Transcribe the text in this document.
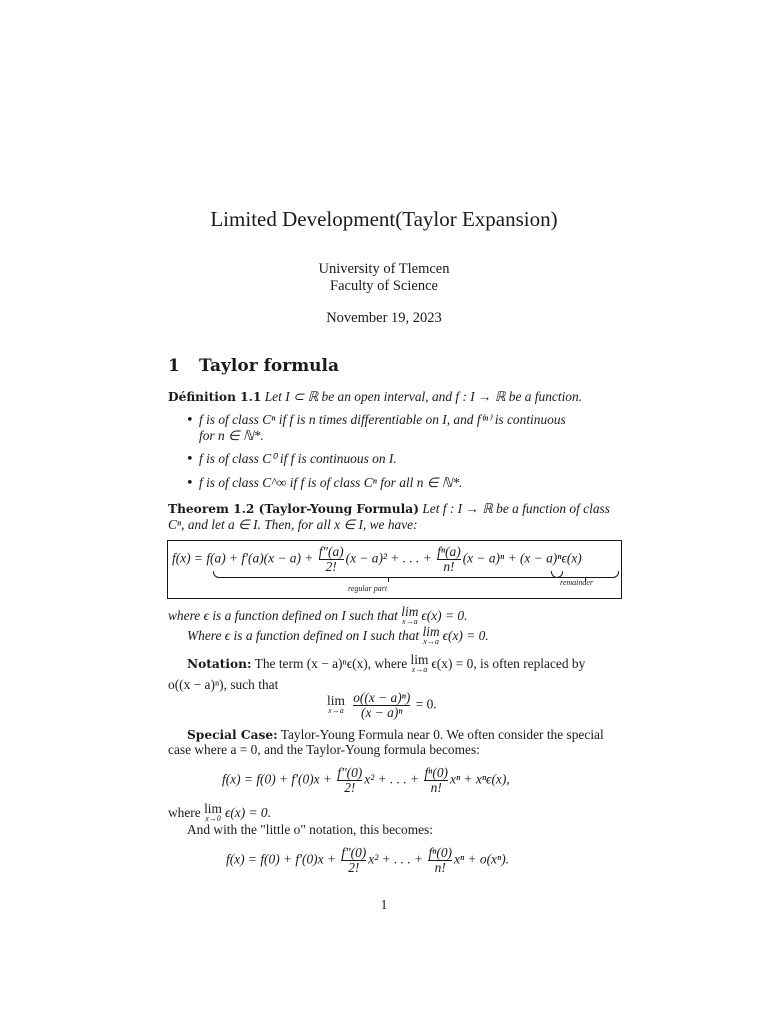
Limited Development(Taylor Expansion)
University of Tlemcen
Faculty of Science
November 19, 2023
1 Taylor formula
Définition 1.1 Let I ⊂ ℝ be an open interval, and f : I → ℝ be a function.
• f is of class Cⁿ if f is n times differentiable on I, and f⁽ⁿ⁾ is continuous
for n ∈ ℕ*.
• f is of class C⁰ if f is continuous on I.
• f is of class C^∞ if f is of class Cⁿ for all n ∈ ℕ*.
Theorem 1.2 (Taylor-Young Formula) Let f : I → ℝ be a function of class
Cⁿ, and let a ∈ I. Then, for all x ∈ I, we have:
$f(x) = f(a) + f'(a)(x - a) + \frac{f''(a)}{2!} (x - a)^2$ + . . . + $\frac{\text{fⁿ(a)}}{n!} (x - a)^n + (x - a)^n\epsilon(x)$
regular part
remainder
where ϵ is a function defined on I such that lim
x→a ϵ(x) = 0.
Where ϵ is a function defined on I such that lim
x→a ϵ(x) = 0.
Notation: The term (x − a)ⁿϵ(x), where lim
x→a ϵ(x) = 0, is often replaced by
o((x − a)ⁿ), such that
lim
x→a
$\frac{\text{o((x − a)ⁿ)}}{\text{(x − a)ⁿ}} = 0$.
Special Case: Taylor-Young Formula near 0. We often consider the special
case where a = 0, and the Taylor-Young formula becomes:
$f(x) = f(0) + f'(0)x + \frac{f''(0)}{2!} x^2$ + . . . + $\frac{\text{fⁿ(0)}}{n!}$ xⁿ + xⁿϵ(x),
where lim
x→0 ϵ(x) = 0.
And with the "little o" notation, this becomes:
$f(x) = f(0) + f'(0)x + \frac{f''(0)}{2!} x^2$ + . . . + $\frac{\text{fⁿ(0)}}{n!}$ xⁿ + o(xⁿ).
1
